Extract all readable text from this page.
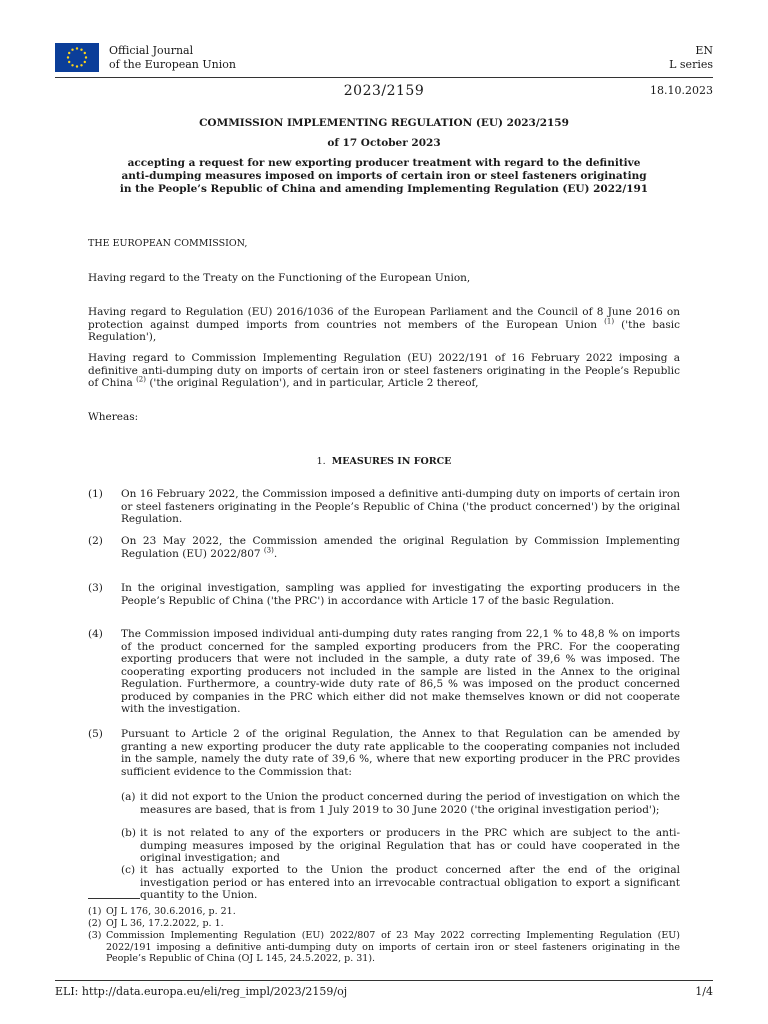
Official Journal
of the European Union
EN
L series
2023/2159	18.10.2023
COMMISSION IMPLEMENTING REGULATION (EU) 2023/2159
of 17 October 2023
accepting a request for new exporting producer treatment with regard to the definitive anti-dumping measures imposed on imports of certain iron or steel fasteners originating in the People’s Republic of China and amending Implementing Regulation (EU) 2022/191
THE EUROPEAN COMMISSION,
Having regard to the Treaty on the Functioning of the European Union,
Having regard to Regulation (EU) 2016/1036 of the European Parliament and the Council of 8 June 2016 on protection against dumped imports from countries not members of the European Union $^{(1)}$ ('the basic Regulation'),
Having regard to Commission Implementing Regulation (EU) 2022/191 of 16 February 2022 imposing a definitive anti-dumping duty on imports of certain iron or steel fasteners originating in the People’s Republic of China $^{(2)}$ ('the original Regulation'), and in particular, Article 2 thereof,
Whereas:
1. MEASURES IN FORCE
(1) On 16 February 2022, the Commission imposed a definitive anti-dumping duty on imports of certain iron or steel fasteners originating in the People’s Republic of China ('the product concerned') by the original Regulation.
(2) On 23 May 2022, the Commission amended the original Regulation by Commission Implementing Regulation (EU) 2022/807 $^{(3)}$.
(3) In the original investigation, sampling was applied for investigating the exporting producers in the People’s Republic of China ('the PRC') in accordance with Article 17 of the basic Regulation.
(4) The Commission imposed individual anti-dumping duty rates ranging from 22,1 % to 48,8 % on imports of the product concerned for the sampled exporting producers from the PRC. For the cooperating exporting producers that were not included in the sample, a duty rate of 39,6 % was imposed. The cooperating exporting producers not included in the sample are listed in the Annex to the original Regulation. Furthermore, a country-wide duty rate of 86,5 % was imposed on the product concerned produced by companies in the PRC which either did not make themselves known or did not cooperate with the investigation.
(5) Pursuant to Article 2 of the original Regulation, the Annex to that Regulation can be amended by granting a new exporting producer the duty rate applicable to the cooperating companies not included in the sample, namely the duty rate of 39,6 %, where that new exporting producer in the PRC provides sufficient evidence to the Commission that:
(a) it did not export to the Union the product concerned during the period of investigation on which the measures are based, that is from 1 July 2019 to 30 June 2020 ('the original investigation period');
(b) it is not related to any of the exporters or producers in the PRC which are subject to the anti-dumping measures imposed by the original Regulation that has or could have cooperated in the original investigation; and
(c) it has actually exported to the Union the product concerned after the end of the original investigation period or has entered into an irrevocable contractual obligation to export a significant quantity to the Union.
(1) OJ L 176, 30.6.2016, p. 21.
(2) OJ L 36, 17.2.2022, p. 1.
(3) Commission Implementing Regulation (EU) 2022/807 of 23 May 2022 correcting Implementing Regulation (EU) 2022/191 imposing a definitive anti-dumping duty on imports of certain iron or steel fasteners originating in the People’s Republic of China (OJ L 145, 24.5.2022, p. 31).
ELI: http://data.europa.eu/eli/reg_impl/2023/2159/oj	1/4
